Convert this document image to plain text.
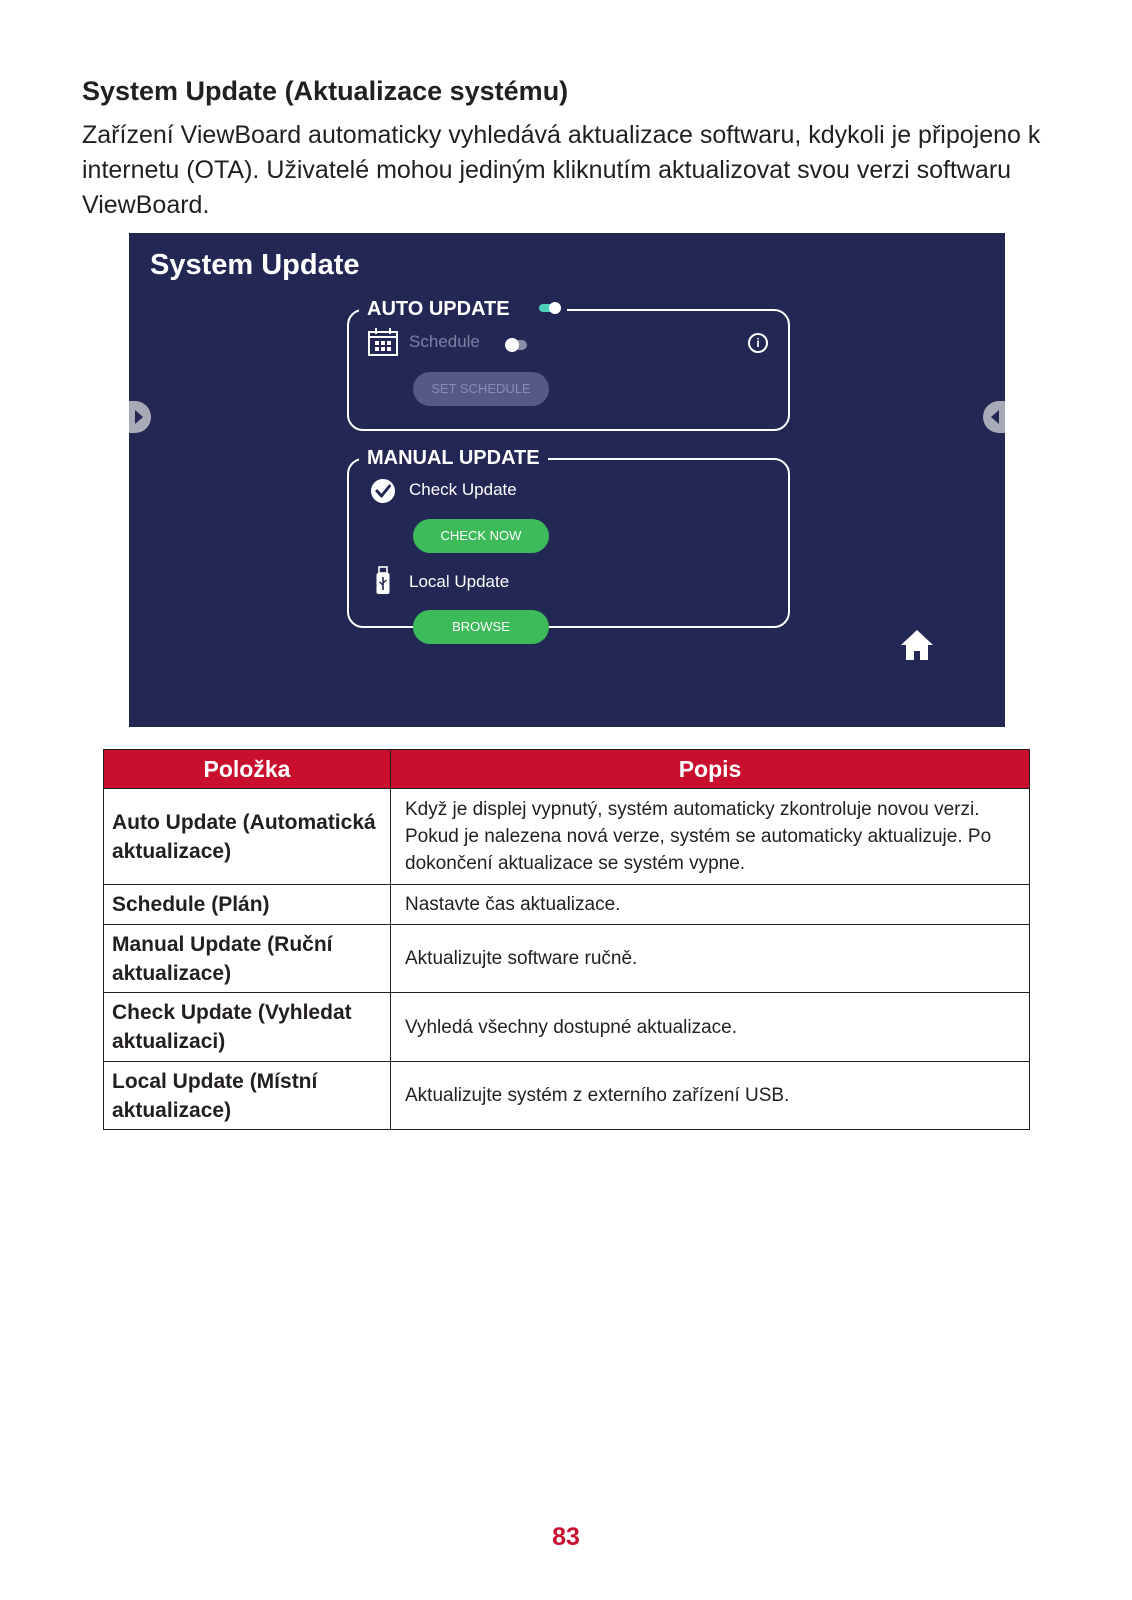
System Update (Aktualizace systému)

Zařízení ViewBoard automaticky vyhledává aktualizace softwaru, kdykoli je připojeno k internetu (OTA). Uživatelé mohou jediným kliknutím aktualizovat svou verzi softwaru ViewBoard.

System Update
AUTO UPDATE
Schedule	i
SET SCHEDULE
MANUAL UPDATE
Check Update
CHECK NOW
Local Update
BROWSE
Položka	Popis
Auto Update (Automatická aktualizace)	Když je displej vypnutý, systém automaticky zkontroluje novou verzi. Pokud je nalezena nová verze, systém se automaticky aktualizuje. Po dokončení aktualizace se systém vypne.
Schedule (Plán)	Nastavte čas aktualizace.
Manual Update (Ruční aktualizace)	Aktualizujte software ručně.
Check Update (Vyhledat aktualizaci)	Vyhledá všechny dostupné aktualizace.
Local Update (Místní aktualizace)	Aktualizujte systém z externího zařízení USB.
83
